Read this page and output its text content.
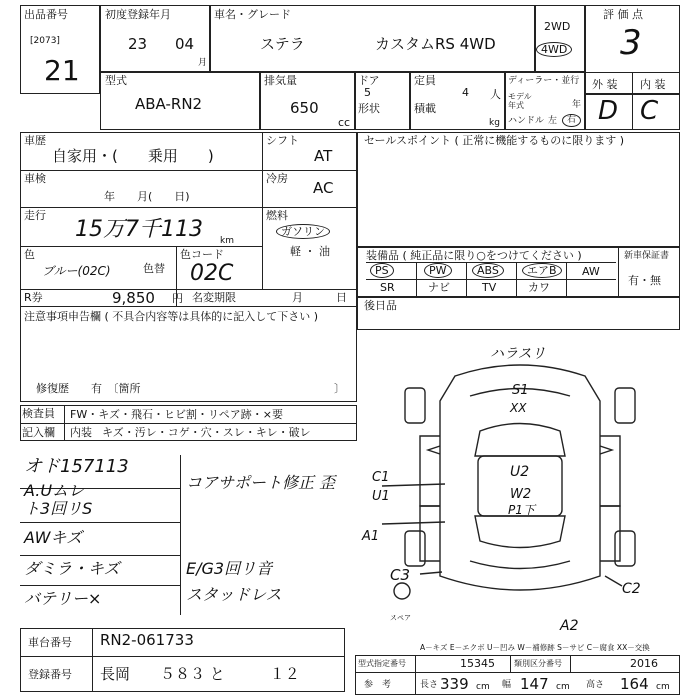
出品番号
[2073]
21
初度登録年月
23 04
月
車名・グレード
ステラ	カスタムRS 4WD
2WD
4WD
評 価 点
3
型式
ABA-RN2
排気量
650
cc
ドア
5
形状
定員
4 人
積載
kg
ディーラー・並行
モデル年式	年
ハンドル 左	右
外 装 内 装
D C
車歴
自家用・(　　乗用　　)
シフト
AT
車検
年　　月(　　日)
冷房
AC
走行
15万7千113 km
燃料
ガソリン
軽 ・ 油
色
ブルー(02C)	色替
色コード
02C
R券	9,850 円 名変期限	月　　　日
注意事項申告欄 ( 不具合内容等は具体的に記入して下さい )
修復歴　　有　〔箇所	〕
セールスポイント ( 正常に機能するものに限ります )
装備品 ( 純正品に限り○をつけてください )	新車保証書
有・無
PS	PW	ABS	エアB	AW
SR	ナビ	TV	カワ
後日品
検査員
記入欄
FW・キズ・飛石・ヒビ割・リペア跡・×要
内装 キズ・汚レ・コゲ・穴・スレ・キレ・破レ
オド157113
A.Uムレ
ト3回リS
AWキズ
ダミラ・キズ
バテリー×
コアサポート修正 歪
E/G3回リ音
スタッドレス
ハラスリ
S1
XX
U2
W2
P1下
C1
U1
A1
C3
C2
A2
スペア
A－キズ E－エクボ U－凹み W－補修跡 S－サビ C－腐食 XX－交換
車台番号 RN2-061733
登録番号 長岡　　５８３ と　　　１２
型式指定番号	15345 類別区分番号	2016
参　考	長さ 339 cm 幅 147 cm 高さ 164 cm
